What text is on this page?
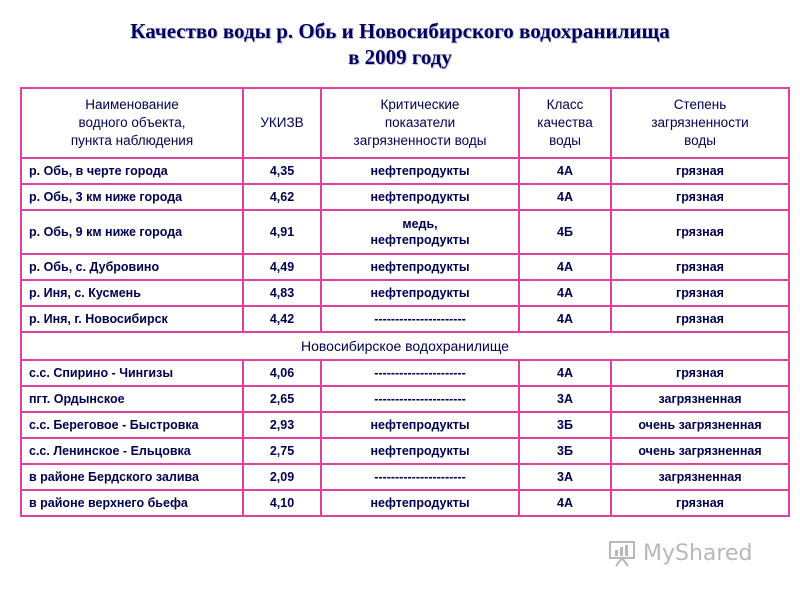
Качество воды р. Обь и Новосибирского водохранилища
в 2009 году
Наименование
водного объекта,
пункта наблюдения	УКИЗВ	Критические
показатели
загрязненности воды	Класс
качества
воды	Степень
загрязненности
воды
р. Обь, в черте города	4,35	нефтепродукты	4А	грязная
р. Обь, 3 км ниже города	4,62	нефтепродукты	4А	грязная
р. Обь, 9 км ниже города	4,91	медь,
нефтепродукты	4Б	грязная
р. Обь, с. Дубровино	4,49	нефтепродукты	4А	грязная
р. Иня, с. Кусмень	4,83	нефтепродукты	4А	грязная
р. Иня, г. Новосибирск	4,42	----------------------	4А	грязная
Новосибирское водохранилище				
с.с. Спирино - Чингизы	4,06	----------------------	4А	грязная
пгт. Ордынское	2,65	----------------------	3А	загрязненная
с.с. Береговое - Быстровка	2,93	нефтепродукты	3Б	очень загрязненная
с.с. Ленинское - Ельцовка	2,75	нефтепродукты	3Б	очень загрязненная
в районе Бердского залива	2,09	----------------------	3А	загрязненная
в районе верхнего бьефа	4,10	нефтепродукты	4А	грязная
MyShared
